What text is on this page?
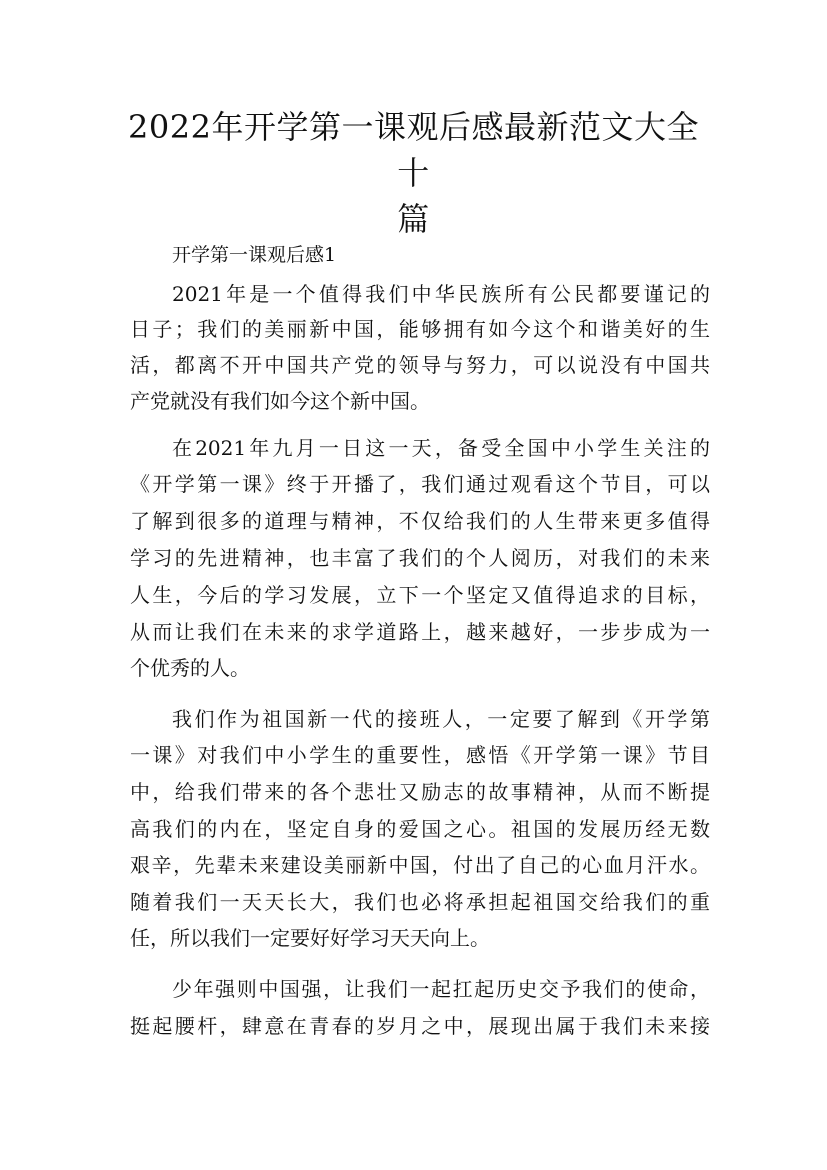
2022年开学第一课观后感最新范文大全十
篇

开学第一课观后感1

2021年是一个值得我们中华民族所有公民都要谨记的

日子；我们的美丽新中国，能够拥有如今这个和谐美好的生

活，都离不开中国共产党的领导与努力，可以说没有中国共

产党就没有我们如今这个新中国。

在2021年九月一日这一天，备受全国中小学生关注的

《开学第一课》终于开播了，我们通过观看这个节目，可以

了解到很多的道理与精神，不仅给我们的人生带来更多值得

学习的先进精神，也丰富了我们的个人阅历，对我们的未来

人生，今后的学习发展，立下一个坚定又值得追求的目标，

从而让我们在未来的求学道路上，越来越好，一步步成为一

个优秀的人。

我们作为祖国新一代的接班人，一定要了解到《开学第

一课》对我们中小学生的重要性，感悟《开学第一课》节目

中，给我们带来的各个悲壮又励志的故事精神，从而不断提

高我们的内在，坚定自身的爱国之心。祖国的发展历经无数

艰辛，先辈未来建设美丽新中国，付出了自己的心血月汗水。

随着我们一天天长大，我们也必将承担起祖国交给我们的重

任，所以我们一定要好好学习天天向上。

少年强则中国强，让我们一起扛起历史交予我们的使命，

挺起腰杆，肆意在青春的岁月之中，展现出属于我们未来接
